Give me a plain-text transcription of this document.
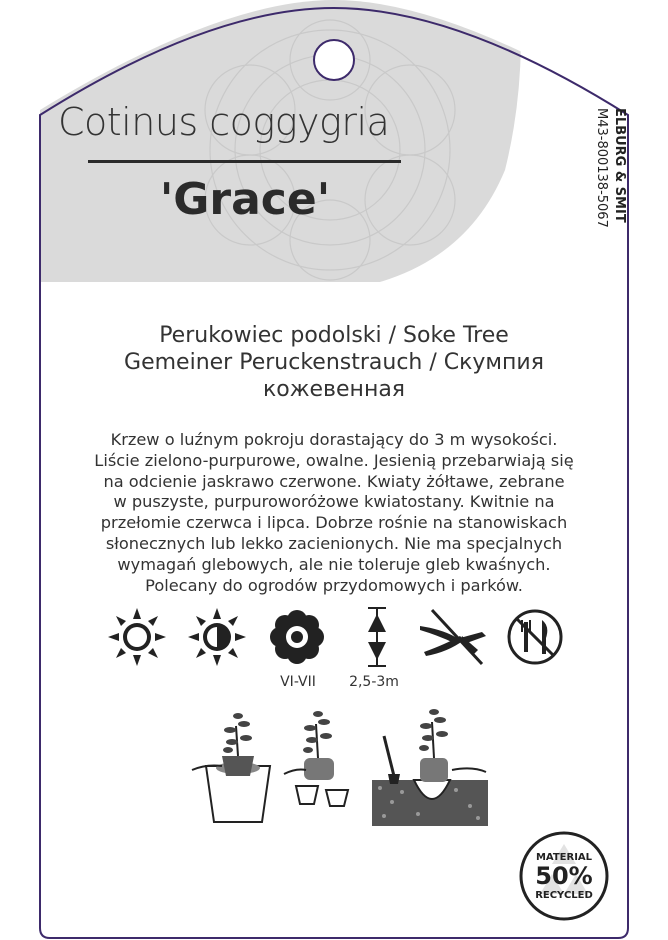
Cotinus coggygria
'Grace'	ELBURG & SMIT
M43-800138-5067
Perukowiec podolski / Soke Tree
Gemeiner Peruckenstrauch / Скумпия
кожевенная
Krzew o luźnym pokroju dorastający do 3 m wysokości.
Liście zielono-purpurowe, owalne. Jesienią przebarwiają się
na odcienie jaskrawo czerwone. Kwiaty żółtawe, zebrane
w puszyste, purpuroworóżowe kwiatostany. Kwitnie na
przełomie czerwca i lipca. Dobrze rośnie na stanowiskach
słonecznych lub lekko zacienionych. Nie ma specjalnych
wymagań glebowych, ale nie toleruje gleb kwaśnych.
Polecany do ogrodów przydomowych i parków.
VI-VII	2,5-3m
MATERIAL
50%
RECYCLED
